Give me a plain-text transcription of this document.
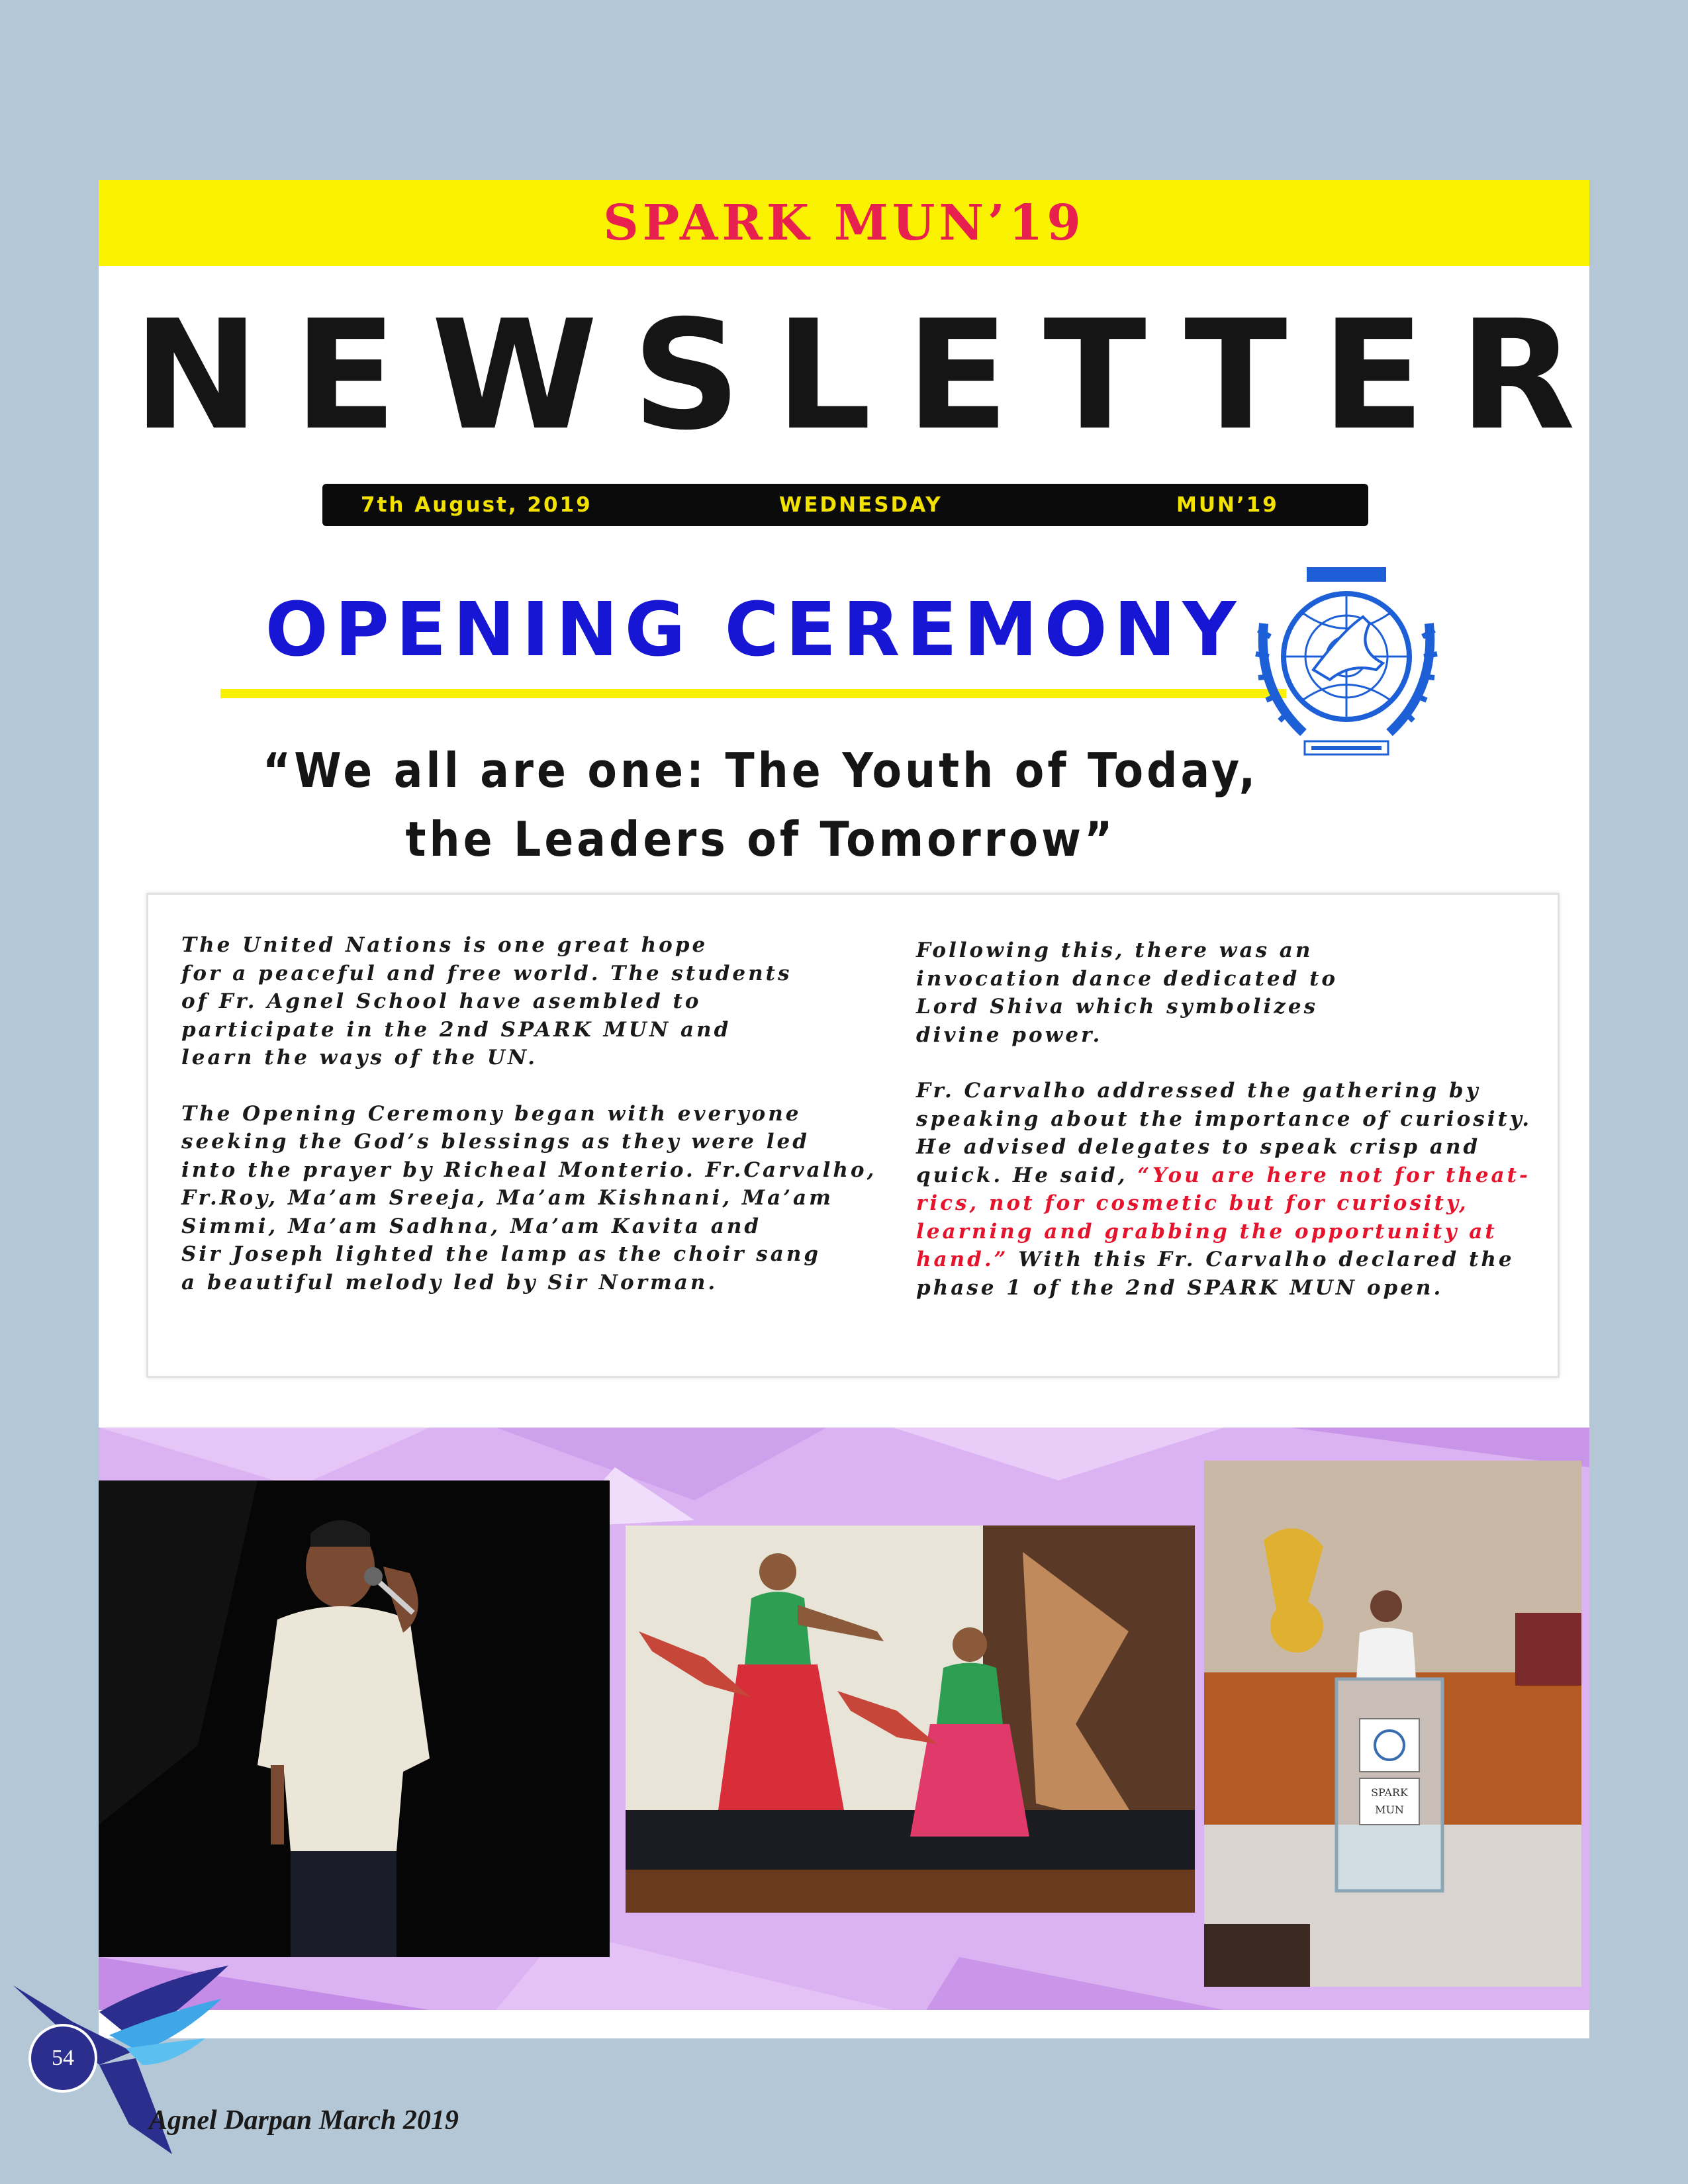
SPARK MUN’19
NEWSLETTER
7th August, 2019	WEDNESDAY	MUN’19
OPENING CEREMONY
“We all are one: The Youth of Today,
the Leaders of Tomorrow”

The United Nations is one great hope

for a peaceful and free world. The students

of Fr. Agnel School have asembled to

participate in the 2nd SPARK MUN and

learn the ways of the UN.

The Opening Ceremony began with everyone

seeking the God’s blessings as they were led

into the prayer by Richeal Monterio. Fr.Carvalho,

Fr.Roy, Ma’am Sreeja, Ma’am Kishnani, Ma’am

Simmi, Ma’am Sadhna, Ma’am Kavita and

Sir Joseph lighted the lamp as the choir sang

a beautiful melody led by Sir Norman.

Following this, there was an

invocation dance dedicated to

Lord Shiva which symbolizes

divine power.

Fr. Carvalho addressed the gathering by

speaking about the importance of curiosity.

He advised delegates to speak crisp and

quick. He said, “You are here not for theat-

rics, not for cosmetic but for curiosity,

learning and grabbing the opportunity at

hand.” With this Fr. Carvalho declared the

phase 1 of the 2nd SPARK MUN open.

SPARK
MUN
54
Agnel Darpan March 2019
